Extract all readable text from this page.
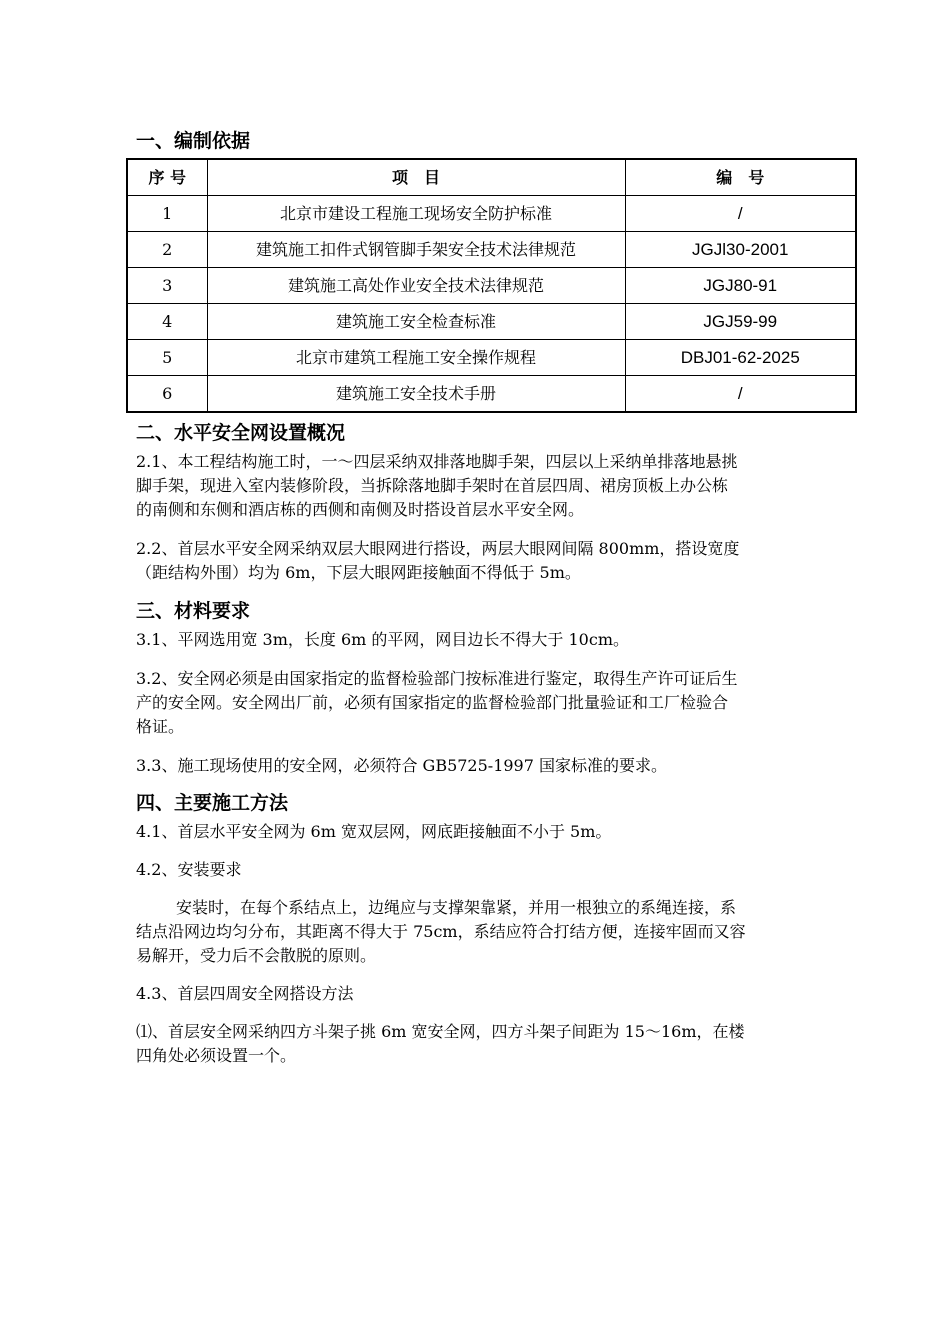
一、编制依据
序 号	项　目	编　号
1	北京市建设工程施工现场安全防护标准	/
2	建筑施工扣件式钢管脚手架安全技术法律规范	JGJl30-2001
3	建筑施工高处作业安全技术法律规范	JGJ80-91
4	建筑施工安全检查标准	JGJ59-99
5	北京市建筑工程施工安全操作规程	DBJ01-62-2025
6	建筑施工安全技术手册	/
二、水平安全网设置概况
2.1、本工程结构施工时，一～四层采纳双排落地脚手架，四层以上采纳单排落地悬挑
脚手架，现进入室内装修阶段，当拆除落地脚手架时在首层四周、裙房顶板上办公栋
的南侧和东侧和酒店栋的西侧和南侧及时搭设首层水平安全网。
2.2、首层水平安全网采纳双层大眼网进行搭设，两层大眼网间隔 800mm，搭设宽度
（距结构外围）均为 6m，下层大眼网距接触面不得低于 5m。
三、材料要求
3.1、平网选用宽 3m，长度 6m 的平网，网目边长不得大于 10cm。
3.2、安全网必须是由国家指定的监督检验部门按标准进行鉴定，取得生产许可证后生
产的安全网。安全网出厂前，必须有国家指定的监督检验部门批量验证和工厂检验合
格证。
3.3、施工现场使用的安全网，必须符合 GB5725-1997 国家标准的要求。
四、主要施工方法
4.1、首层水平安全网为 6m 宽双层网，网底距接触面不小于 5m。
4.2、安装要求
安装时，在每个系结点上，边绳应与支撑架靠紧，并用一根独立的系绳连接，系
结点沿网边均匀分布，其距离不得大于 75cm，系结应符合打结方便，连接牢固而又容
易解开，受力后不会散脱的原则。
4.3、首层四周安全网搭设方法
⑴、首层安全网采纳四方斗架子挑 6m 宽安全网，四方斗架子间距为 15～16m，在楼
四角处必须设置一个。
